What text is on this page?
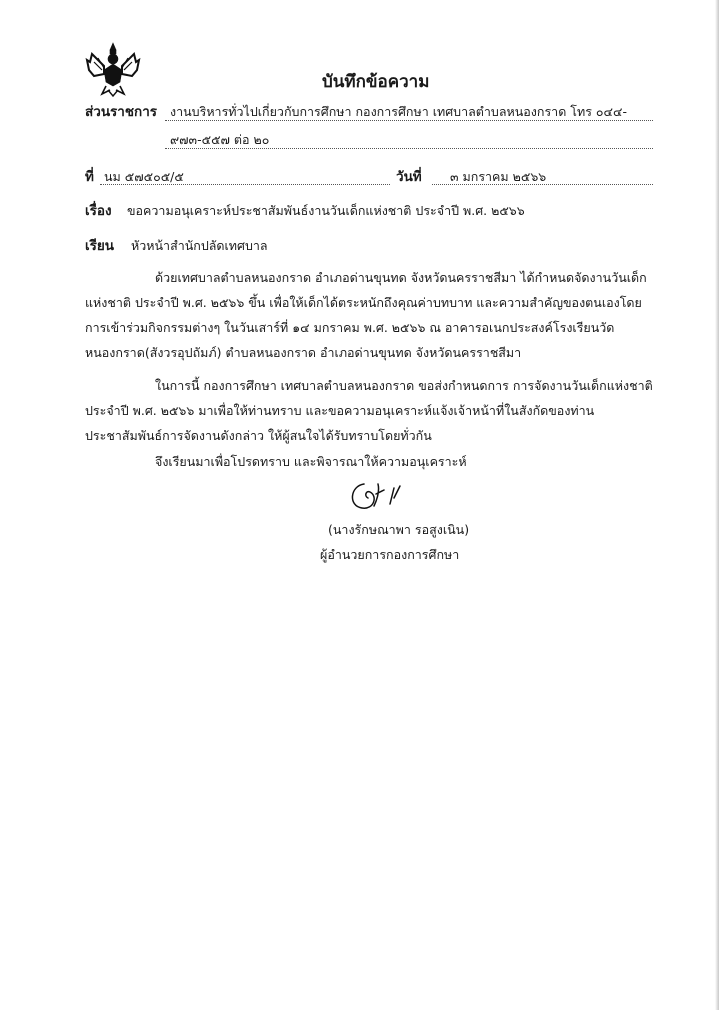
บันทึกข้อความ
ส่วนราชการ งานบริหารทั่วไปเกี่ยวกับการศึกษา กองการศึกษา เทศบาลตำบลหนองกราด โทร ๐๔๔-
๙๗๓-๕๕๗ ต่อ ๒๐
ที่ นม ๕๗๕๐๕/๕	วันที่ ๓ มกราคม ๒๕๖๖
เรื่อง ขอความอนุเคราะห์ประชาสัมพันธ์งานวันเด็กแห่งชาติ ประจำปี พ.ศ. ๒๕๖๖
เรียน หัวหน้าสำนักปลัดเทศบาล
ด้วยเทศบาลตำบลหนองกราด อำเภอด่านขุนทด จังหวัดนครราชสีมา ได้กำหนดจัดงานวันเด็ก
แห่งชาติ ประจำปี พ.ศ. ๒๕๖๖ ขึ้น เพื่อให้เด็กได้ตระหนักถึงคุณค่าบทบาท และความสำคัญของตนเองโดย
การเข้าร่วมกิจกรรมต่างๆ ในวันเสาร์ที่ ๑๔ มกราคม พ.ศ. ๒๕๖๖ ณ อาคารอเนกประสงค์โรงเรียนวัด
หนองกราด(สังวรอุปถัมภ์) ตำบลหนองกราด อำเภอด่านขุนทด จังหวัดนครราชสีมา
ในการนี้ กองการศึกษา เทศบาลตำบลหนองกราด ขอส่งกำหนดการ การจัดงานวันเด็กแห่งชาติ
ประจำปี พ.ศ. ๒๕๖๖ มาเพื่อให้ท่านทราบ และขอความอนุเคราะห์แจ้งเจ้าหน้าที่ในสังกัดของท่าน
ประชาสัมพันธ์การจัดงานดังกล่าว ให้ผู้สนใจได้รับทราบโดยทั่วกัน
จึงเรียนมาเพื่อโปรดทราบ และพิจารณาให้ความอนุเคราะห์
(นางรักษณาพา รอสูงเนิน)
ผู้อำนวยการกองการศึกษา
